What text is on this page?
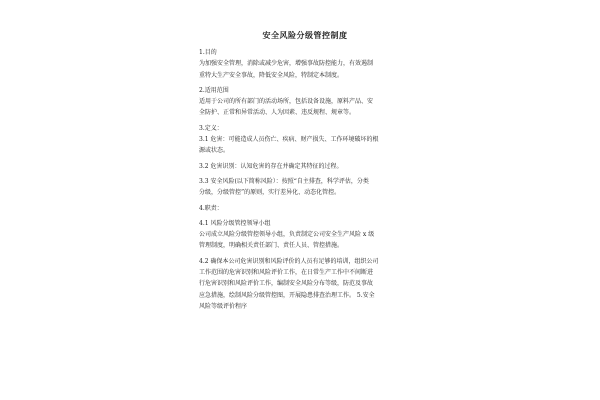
安全风险分级管控制度
1.目的
为加强安全管理，消除或减少危害，增强事故防控能力，有效遏制
重特大生产安全事故，降低安全风险，特制定本制度。
2.适用范围
适用于公司的所有部门的活动场所，包括设备设施，原料产品、安
全防护、正常和异常活动、人为因素、违反规程、规章等。
3.定义：
3.1 危害：可能造成人员伤亡、疾病、财产损失、工作环境破坏的根
源或状态。
3.2 危害识别：认知危害的存在并确定其特征的过程。
3.3 安全风险(以下简称风险）：按照“自主排查，科学评估，分类
分级，分级管控”的原则，实行差异化、动态化管控。
4.职责：
4.1 风险分级管控领导小组
公司成立风险分级管控领导小组，负责制定公司安全生产风险 x 级
管理制度，明确相关责任部门、责任人员、管控措施。
4.2 确保本公司危害识别和风险评价的人员有足够的培训，组织公司
工作范围的危害识别和风险评价工作，在日常生产工作中不间断进
行危害识别和风险评价工作，编制安全风险分布等级，防范及事故
应急措施，绘制风险分级管控图，开展隐患排查治理工作。 5.安全
风险等级评价程序
